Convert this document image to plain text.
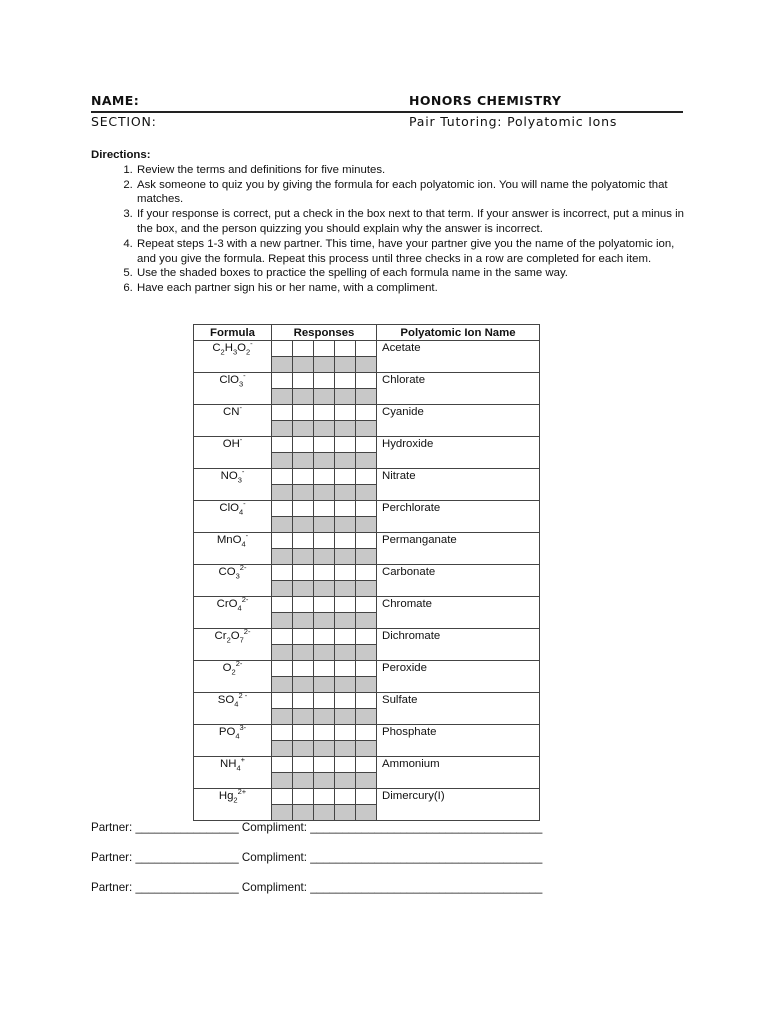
NAME:	HONORS CHEMISTRY
SECTION:	Pair Tutoring: Polyatomic Ions
Directions:
1. Review the terms and definitions for five minutes.
2. Ask someone to quiz you by giving the formula for each polyatomic ion. You will name the polyatomic that matches.
3. If your response is correct, put a check in the box next to that term. If your answer is incorrect, put a minus in the box, and the person quizzing you should explain why the answer is incorrect.
4. Repeat steps 1-3 with a new partner. This time, have your partner give you the name of the polyatomic ion, and you give the formula. Repeat this process until three checks in a row are completed for each item.
5. Use the shaded boxes to practice the spelling of each formula name in the same way.
6. Have each partner sign his or her name, with a compliment.
Formula	Responses					Polyatomic Ion Name
$C_2H_3O_2^-$						Acetate

ClO$_3$-						Chlorate

CN-						Cyanide

OH-						Hydroxide

$NO_3^-$						Nitrate

ClO$_4$-						Perchlorate

MnO$_4$-						Permanganate

$CO_3^{2-}$						Carbonate

CrO$_4^{2-}$						Chromate

$Cr_2O_7^{2-}$						Dichromate

$O_2^{2-}$						Peroxide

$SO_4^{2 -}$						Sulfate

$PO_4^{3-}$						Phosphate

$NH_4^+$						Ammonium

$Hg_2^{2+}$						Dimercury(I)

Partner: ________________ Compliment: ____________________________________
Partner: ________________ Compliment: ____________________________________
Partner: ________________ Compliment: ____________________________________
